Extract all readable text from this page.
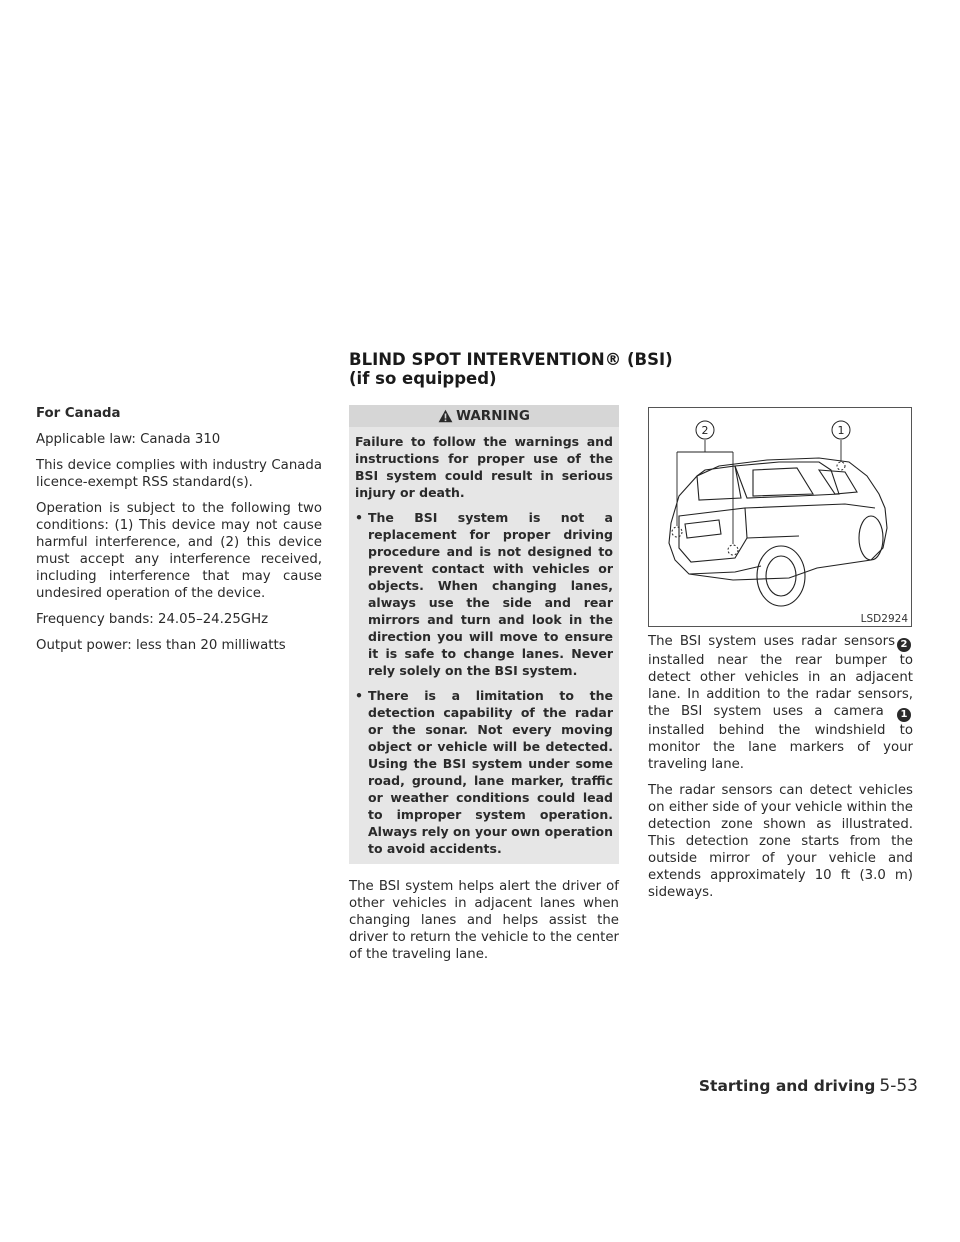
BLIND SPOT INTERVENTION® (BSI)
(if so equipped)

For Canada

Applicable law: Canada 310

This device complies with industry Canada licence-exempt RSS standard(s).

Operation is subject to the following two conditions: (1) This device may not cause harmful interference, and (2) this device must accept any interference received, including interference that may cause undesired operation of the device.

Frequency bands: 24.05–24.25GHz

Output power: less than 20 milliwatts

WARNING

Failure to follow the warnings and instructions for proper use of the BSI system could result in serious injury or death.

• The BSI system is not a replacement for proper driving procedure and is not designed to prevent contact with vehicles or objects. When changing lanes, always use the side and rear mirrors and turn and look in the direction you will move to ensure it is safe to change lanes. Never rely solely on the BSI system.
• There is a limitation to the detection capability of the radar or the sonar. Not every moving object or vehicle will be detected. Using the BSI system under some road, ground, lane marker, traffic or weather conditions could lead to improper system operation. Always rely on your own operation to avoid accidents.

The BSI system helps alert the driver of other vehicles in adjacent lanes when changing lanes and helps assist the driver to return the vehicle to the center of the traveling lane.

2	1
LSD2924

The BSI system uses radar sensors 2installed near the rear bumper to detect other vehicles in an adjacent lane. In addition to the radar sensors, the BSI system uses a camera 1installed behind the windshield to monitor the lane markers of your traveling lane.

The radar sensors can detect vehicles on either side of your vehicle within the detection zone shown as illustrated. This detection zone starts from the outside mirror of your vehicle and extends approximately 10 ft (3.0 m) sideways.

Starting and driving 5-53
